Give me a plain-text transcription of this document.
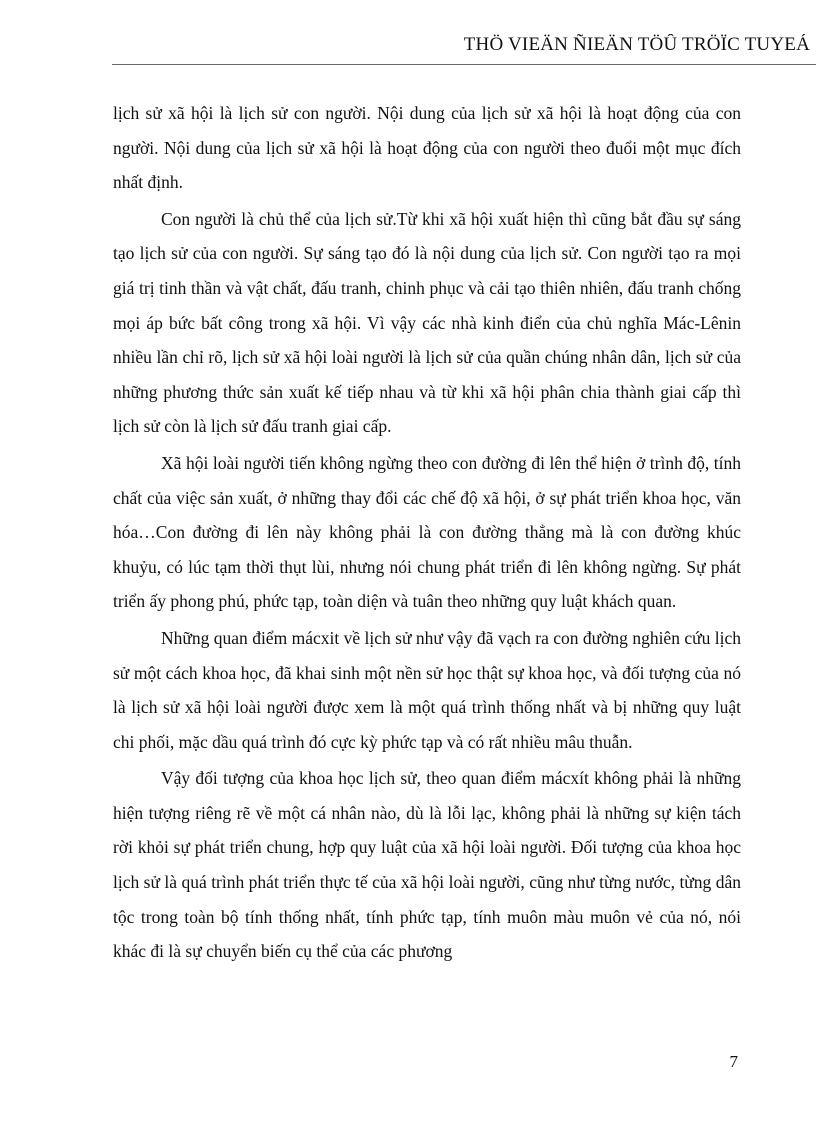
THÖ VIEÄN ÑIEÄN TÖÛ TRÖÏC TUYEÁ

lịch sử xã hội là lịch sử con người. Nội dung của lịch sử xã hội là hoạt động của con người. Nội dung của lịch sử xã hội là hoạt động của con người theo đuổi một mục đích nhất định.

Con người là chủ thể của lịch sử.Từ khi xã hội xuất hiện thì cũng bắt đầu sự sáng tạo lịch sử của con người. Sự sáng tạo đó là nội dung của lịch sử. Con người tạo ra mọi giá trị tinh thần và vật chất, đấu tranh, chinh phục và cải tạo thiên nhiên, đấu tranh chống mọi áp bức bất công trong xã hội. Vì vậy các nhà kinh điển của chủ nghĩa Mác-Lênin nhiều lần chỉ rõ, lịch sử xã hội loài người là lịch sử của quần chúng nhân dân, lịch sử của những phương thức sản xuất kế tiếp nhau và từ khi xã hội phân chia thành giai cấp thì lịch sử còn là lịch sử đấu tranh giai cấp.

Xã hội loài người tiến không ngừng theo con đường đi lên thể hiện ở trình độ, tính chất của việc sản xuất, ở những thay đổi các chế độ xã hội, ở sự phát triển khoa học, văn hóa…Con đường đi lên này không phải là con đường thẳng mà là con đường khúc khuỷu, có lúc tạm thời thụt lùi, nhưng nói chung phát triển đi lên không ngừng. Sự phát triển ấy phong phú, phức tạp, toàn diện và tuân theo những quy luật khách quan.

Những quan điểm mácxit về lịch sử như vậy đã vạch ra con đường nghiên cứu lịch sử một cách khoa học, đã khai sinh một nền sử học thật sự khoa học, và đối tượng của nó là lịch sử xã hội loài người được xem là một quá trình thống nhất và bị những quy luật chi phối, mặc dầu quá trình đó cực kỳ phức tạp và có rất nhiều mâu thuẫn.

Vậy đối tượng của khoa học lịch sử, theo quan điểm mácxít không phải là những hiện tượng riêng rẽ về một cá nhân nào, dù là lỗi lạc, không phải là những sự kiện tách rời khỏi sự phát triển chung, hợp quy luật của xã hội loài người. Đối tượng của khoa học lịch sử là quá trình phát triển thực tế của xã hội loài người, cũng như từng nước, từng dân tộc trong toàn bộ tính thống nhất, tính phức tạp, tính muôn màu muôn vẻ của nó, nói khác đi là sự chuyển biến cụ thể của các phương

7
